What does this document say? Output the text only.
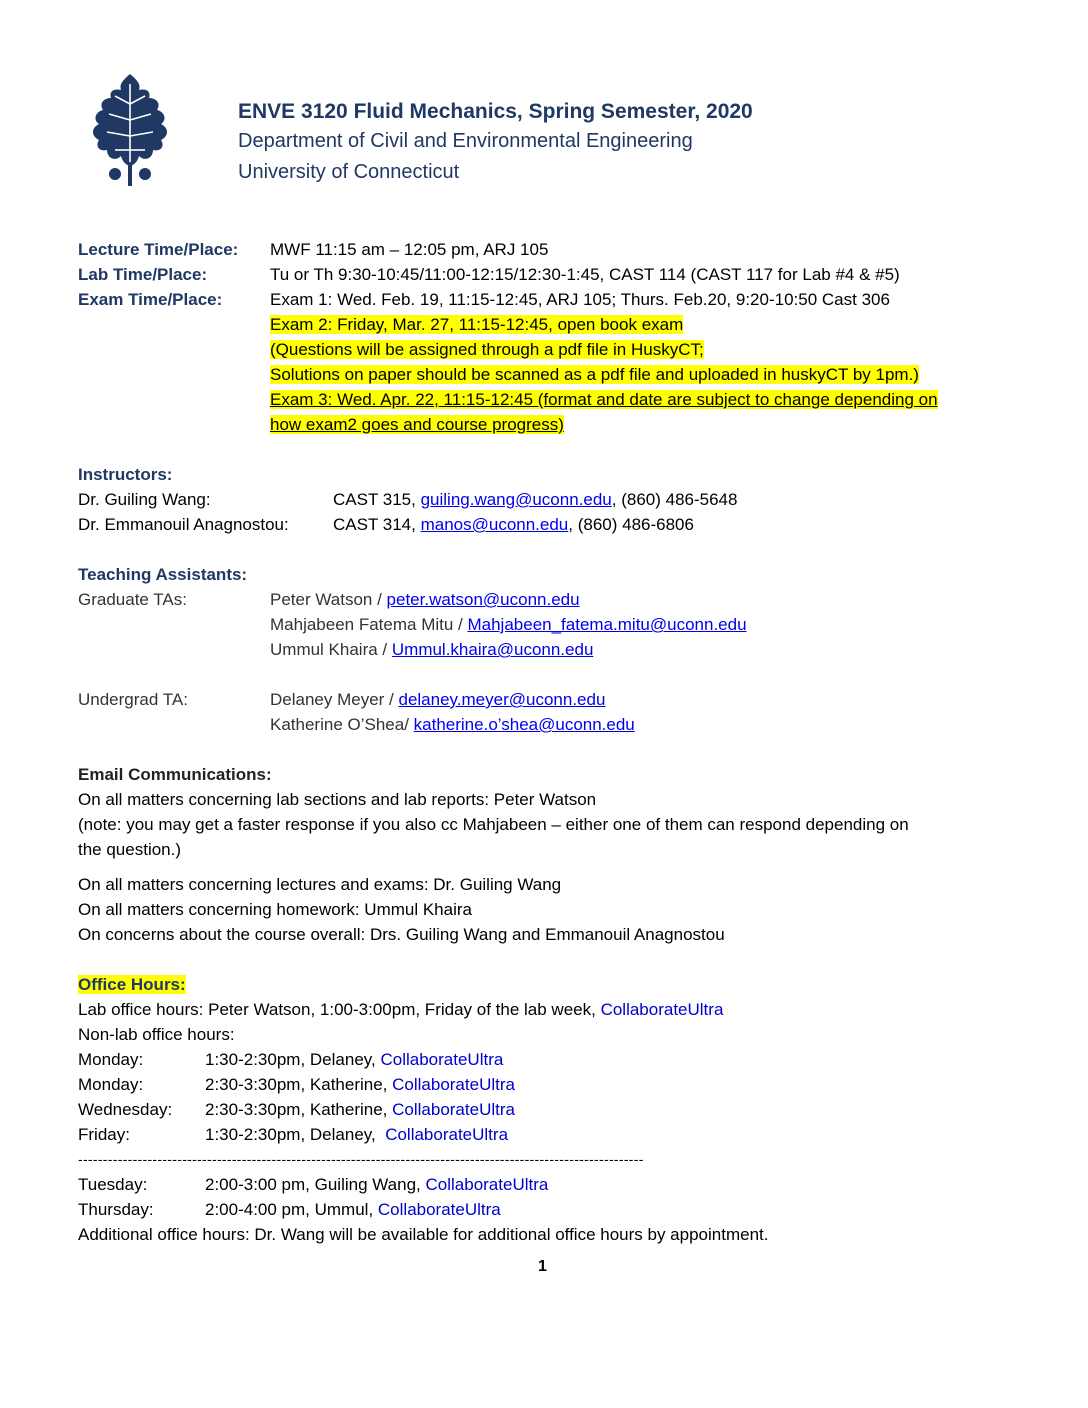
ENVE 3120 Fluid Mechanics, Spring Semester, 2020
Department of Civil and Environmental Engineering
University of Connecticut
Lecture Time/Place: MWF 11:15 am – 12:05 pm, ARJ 105
Lab Time/Place:	Tu or Th 9:30-10:45/11:00-12:15/12:30-1:45, CAST 114 (CAST 117 for Lab #4 & #5)
Exam Time/Place:	Exam 1: Wed. Feb. 19, 11:15-12:45, ARJ 105; Thurs. Feb.20, 9:20-10:50 Cast 306
Exam 2: Friday, Mar. 27, 11:15-12:45, open book exam
(Questions will be assigned through a pdf file in HuskyCT;
Solutions on paper should be scanned as a pdf file and uploaded in huskyCT by 1pm.)
Exam 3: Wed. Apr. 22, 11:15-12:45 (format and date are subject to change depending on
how exam2 goes and course progress)
Instructors:
Dr. Guiling Wang:	CAST 315, guiling.wang@uconn.edu, (860) 486-5648
Dr. Emmanouil Anagnostou:	CAST 314, manos@uconn.edu, (860) 486-6806
Teaching Assistants:
Graduate TAs:	Peter Watson / peter.watson@uconn.edu
Mahjabeen Fatema Mitu / Mahjabeen_fatema.mitu@uconn.edu
Ummul Khaira / Ummul.khaira@uconn.edu
Undergrad TA:	Delaney Meyer / delaney.meyer@uconn.edu
Katherine O’Shea/ katherine.o’shea@uconn.edu
Email Communications:
On all matters concerning lab sections and lab reports: Peter Watson
(note: you may get a faster response if you also cc Mahjabeen – either one of them can respond depending on
the question.)
On all matters concerning lectures and exams: Dr. Guiling Wang
On all matters concerning homework: Ummul Khaira
On concerns about the course overall: Drs. Guiling Wang and Emmanouil Anagnostou
Office Hours:
Lab office hours: Peter Watson, 1:00-3:00pm, Friday of the lab week, CollaborateUltra
Non-lab office hours:
Monday:	1:30-2:30pm, Delaney, CollaborateUltra
Monday:	2:30-3:30pm, Katherine, CollaborateUltra
Wednesday: 2:30-3:30pm, Katherine, CollaborateUltra
Friday:	1:30-2:30pm, Delaney,  CollaborateUltra
------------------------------------------------------------------------------------------------------------------
Tuesday:	2:00-3:00 pm, Guiling Wang, CollaborateUltra
Thursday:	2:00-4:00 pm, Ummul, CollaborateUltra
Additional office hours: Dr. Wang will be available for additional office hours by appointment.
1
